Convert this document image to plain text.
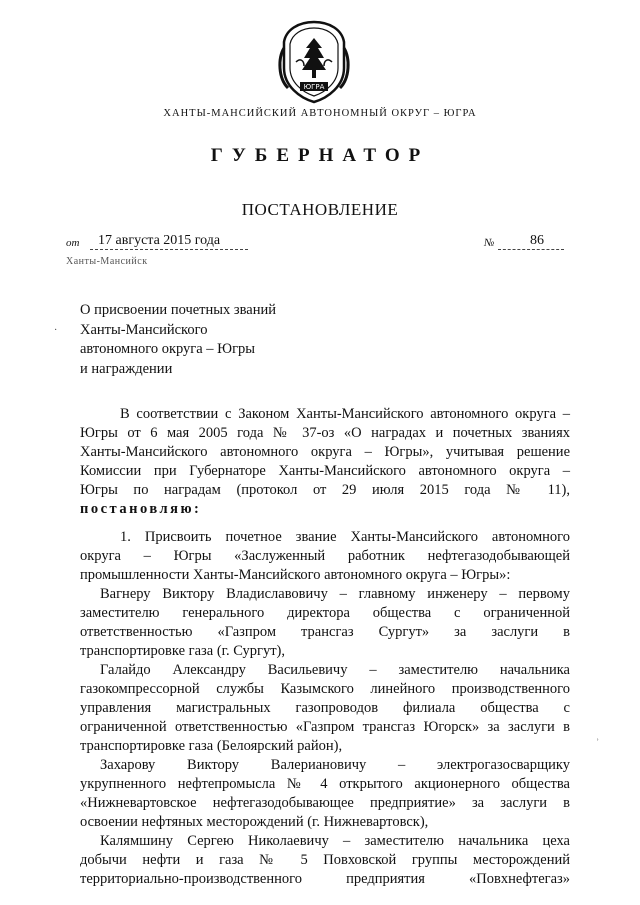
ЮГРА
ХАНТЫ-МАНСИЙСКИЙ АВТОНОМНЫЙ ОКРУГ – ЮГРА
ГУБЕРНАТОР
ПОСТАНОВЛЕНИЕ
от	17 августа 2015 года	№	86
Ханты-Мансийск
О присвоении почетных званий
Ханты-Мансийского
автономного округа – Югры
и награждении

В соответствии с Законом Ханты-Мансийского автономного округа –

Югры от 6 мая 2005 года № 37-оз «О наградах и почетных званиях

Ханты-Мансийского автономного округа – Югры», учитывая решение

Комиссии при Губернаторе Ханты-Мансийского автономного округа –

Югры по наградам (протокол от 29 июля 2015 года № 11),

постановляю:

1. Присвоить почетное звание Ханты-Мансийского автономного

округа – Югры «Заслуженный работник нефтегазодобывающей

промышленности Ханты-Мансийского автономного округа – Югры»:

Вагнеру Виктору Владиславовичу – главному инженеру – первому

заместителю генерального директора общества с ограниченной

ответственностью «Газпром трансгаз Сургут» за заслуги в

транспортировке газа (г. Сургут),

Галайдо Александру Васильевичу – заместителю начальника

газокомпрессорной службы Казымского линейного производственного

управления магистральных газопроводов филиала общества с

ограниченной ответственностью «Газпром трансгаз Югорск» за заслуги в

транспортировке газа (Белоярский район),

Захарову Виктору Валериановичу – электрогазосварщику

укрупненного нефтепромысла № 4 открытого акционерного общества

«Нижневартовское нефтегазодобывающее предприятие» за заслуги в

освоении нефтяных месторождений (г. Нижневартовск),

Калямшину Сергею Николаевичу – заместителю начальника цеха

добычи нефти и газа № 5 Повховской группы месторождений

территориально-производственного предприятия «Повхнефтегаз»

·
ʾ
